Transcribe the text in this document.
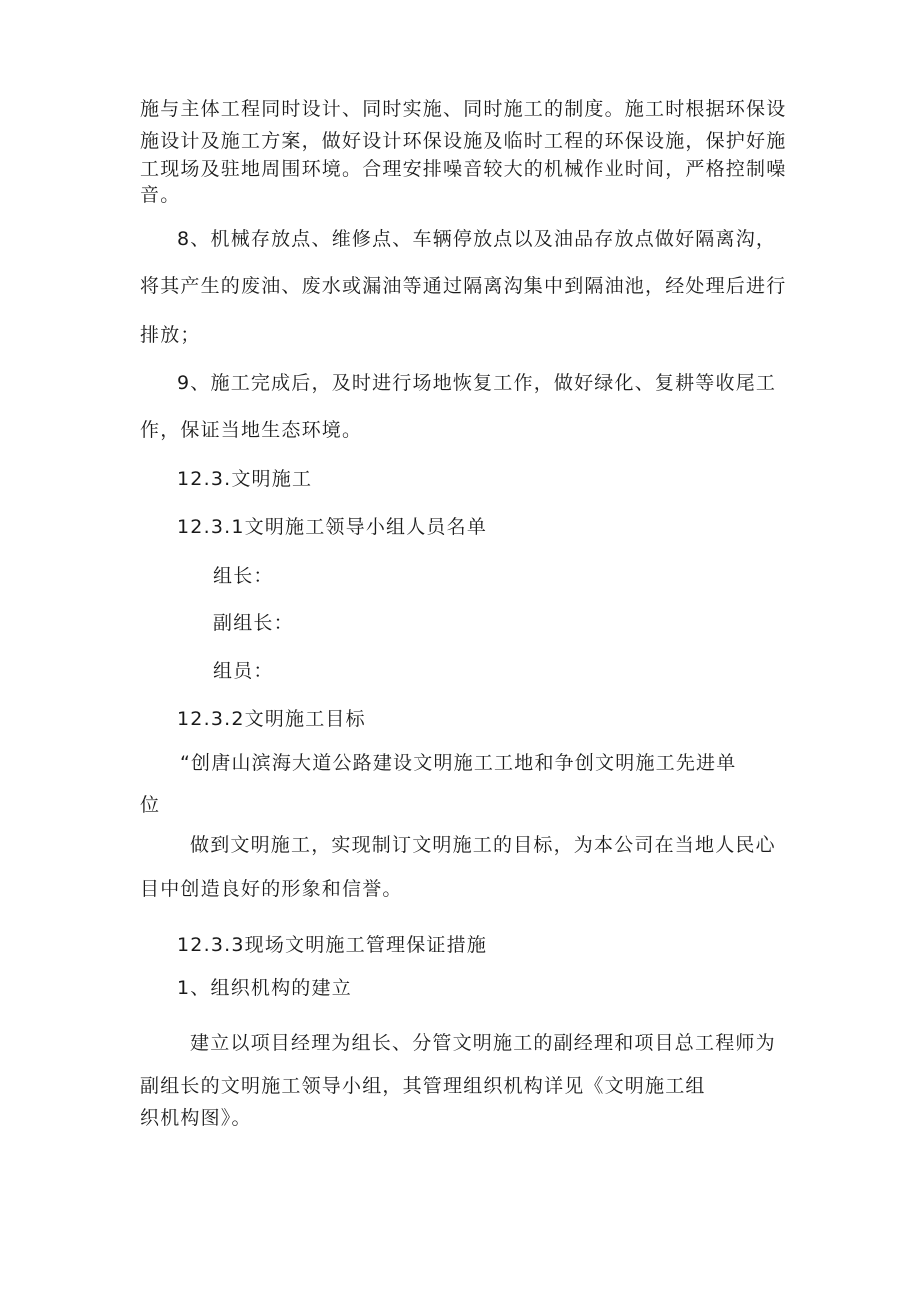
施与主体工程同时设计、同时实施、同时施工的制度。施工时根据环保设
施设计及施工方案，做好设计环保设施及临时工程的环保设施，保护好施
工现场及驻地周围环境。合理安排噪音较大的机械作业时间，严格控制噪
音。
8、机械存放点、维修点、车辆停放点以及油品存放点做好隔离沟，
将其产生的废油、废水或漏油等通过隔离沟集中到隔油池，经处理后进行
排放；
9、施工完成后，及时进行场地恢复工作，做好绿化、复耕等收尾工
作，保证当地生态环境。
12.3.文明施工
12.3.1文明施工领导小组人员名单
组长：
副组长：
组员：
12.3.2文明施工目标
“创唐山滨海大道公路建设文明施工工地和争创文明施工先进单
位
做到文明施工，实现制订文明施工的目标，为本公司在当地人民心
目中创造良好的形象和信誉。
12.3.3现场文明施工管理保证措施
1、组织机构的建立
建立以项目经理为组长、分管文明施工的副经理和项目总工程师为
副组长的文明施工领导小组，其管理组织机构详见《文明施工组
织机构图》。
